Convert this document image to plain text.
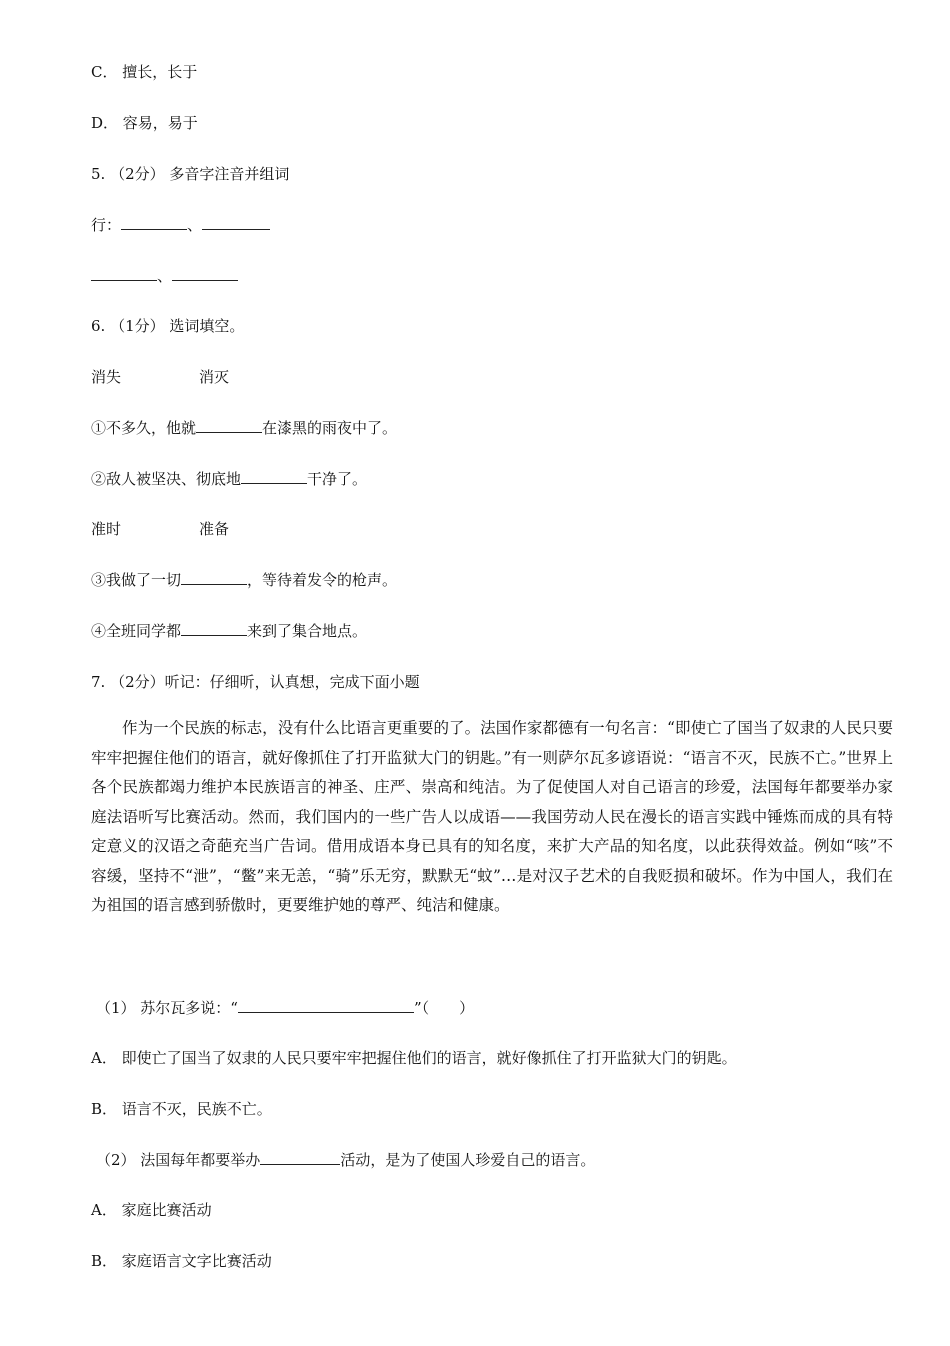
C． 擅长，长于
D． 容易，易于
5. （2分） 多音字注音并组词
行：	、
、
6. （1分） 选词填空。
消失	消灭
①不多久，他就	在漆黑的雨夜中了。
②敌人被坚决、彻底地	干净了。
准时	准备
③我做了一切	，等待着发令的枪声。
④全班同学都	来到了集合地点。
7. （2分）听记：仔细听，认真想，完成下面小题
作为一个民族的标志，没有什么比语言更重要的了。法国作家都德有一句名言：“即使亡了国当了奴隶的人民只要牢牢把握住他们的语言，就好像抓住了打开监狱大门的钥匙。”有一则萨尔瓦多谚语说：“语言不灭，民族不亡。”世界上各个民族都竭力维护本民族语言的神圣、庄严、崇高和纯洁。为了促使国人对自己语言的珍爱，法国每年都要举办家庭法语听写比赛活动。然而，我们国内的一些广告人以成语——我国劳动人民在漫长的语言实践中锤炼而成的具有特定意义的汉语之奇葩充当广告词。借用成语本身已具有的知名度，来扩大产品的知名度，以此获得效益。例如“咳”不容缓，坚持不“泄”，“鳖”来无恙，“骑”乐无穷，默默无“蚊”…是对汉子艺术的自我贬损和破坏。作为中国人，我们在为祖国的语言感到骄傲时，更要维护她的尊严、纯洁和健康。
（1） 苏尔瓦多说：“	”（　　）
A． 即使亡了国当了奴隶的人民只要牢牢把握住他们的语言，就好像抓住了打开监狱大门的钥匙。
B． 语言不灭，民族不亡。
（2） 法国每年都要举办	活动，是为了使国人珍爱自己的语言。
A． 家庭比赛活动
B． 家庭语言文字比赛活动
